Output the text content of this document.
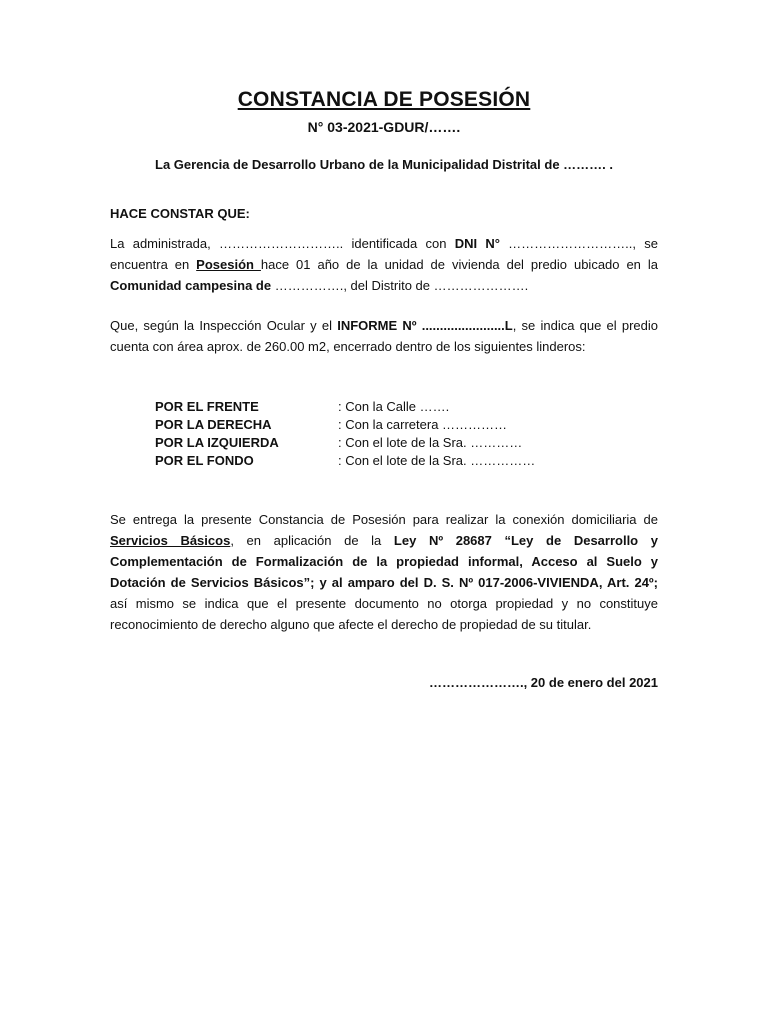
CONSTANCIA DE POSESIÓN
N° 03-2021-GDUR/…….
La Gerencia de Desarrollo Urbano de la Municipalidad Distrital de ………. .
HACE CONSTAR QUE:
La administrada, ……………………….. identificada con DNI N° ……………………….., se encuentra en Posesión hace 01 año de la unidad de vivienda del predio ubicado en la Comunidad campesina de ……………., del Distrito de ………………….
Que, según la Inspección Ocular y el INFORME Nº .......................L, se indica que el predio cuenta con área aprox. de 260.00 m2, encerrado dentro de los siguientes linderos:
POR EL FRENTE	: Con la Calle …….
POR LA DERECHA	: Con la carretera ……………
POR LA IZQUIERDA	: Con el lote de la Sra. …………
POR EL FONDO	: Con el lote de la Sra. ……………
Se entrega la presente Constancia de Posesión para realizar la conexión domiciliaria de Servicios Básicos, en aplicación de la Ley Nº 28687 “Ley de Desarrollo y Complementación de Formalización de la propiedad informal, Acceso al Suelo y Dotación de Servicios Básicos”; y al amparo del D. S. Nº 017-2006-VIVIENDA, Art. 24º; así mismo se indica que el presente documento no otorga propiedad y no constituye reconocimiento de derecho alguno que afecte el derecho de propiedad de su titular.
…………………., 20 de enero del 2021
